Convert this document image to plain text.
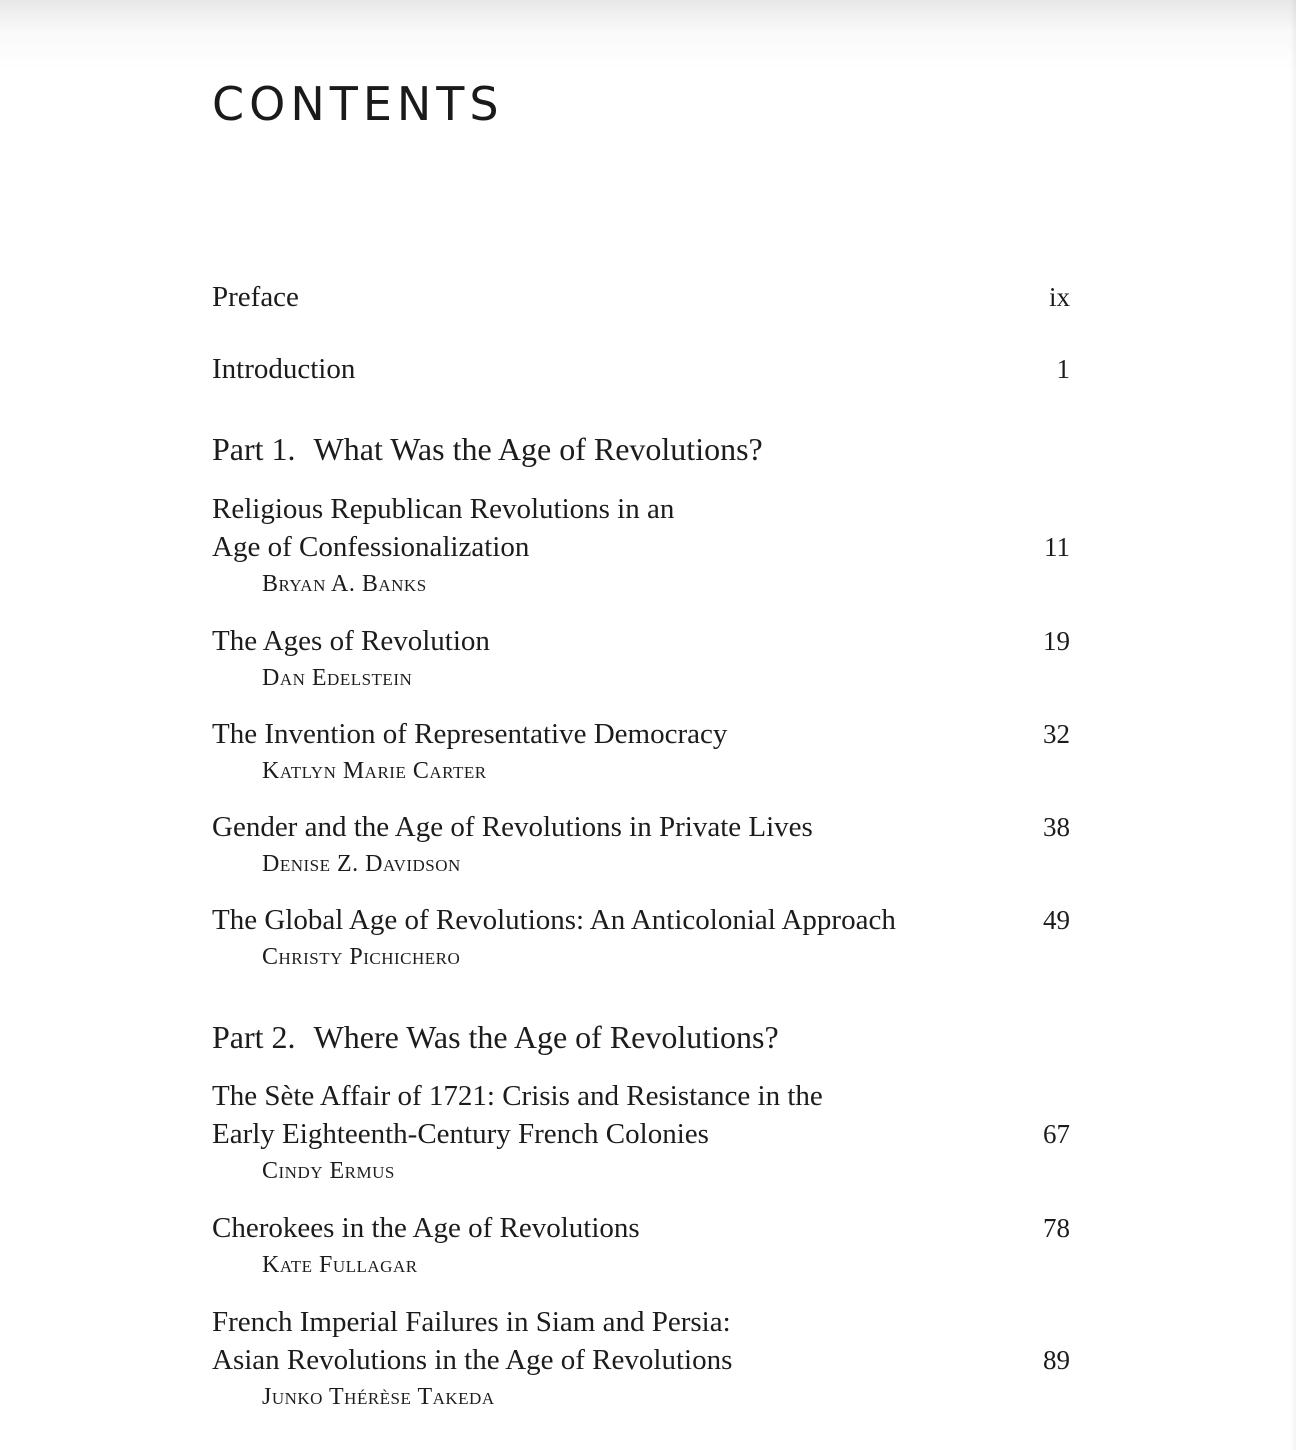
CONTENTS
Preface	ix
Introduction	1
Part 1. What Was the Age of Revolutions?
Religious Republican Revolutions in an
Age of Confessionalization	11
Bryan A. Banks
The Ages of Revolution	19
Dan Edelstein
The Invention of Representative Democracy	32
Katlyn Marie Carter
Gender and the Age of Revolutions in Private Lives	38
Denise Z. Davidson
The Global Age of Revolutions: An Anticolonial Approach	49
Christy Pichichero
Part 2. Where Was the Age of Revolutions?
The Sète Affair of 1721: Crisis and Resistance in the
Early Eighteenth-Century French Colonies	67
Cindy Ermus
Cherokees in the Age of Revolutions	78
Kate Fullagar
French Imperial Failures in Siam and Persia:
Asian Revolutions in the Age of Revolutions	89
Junko Thérèse Takeda
